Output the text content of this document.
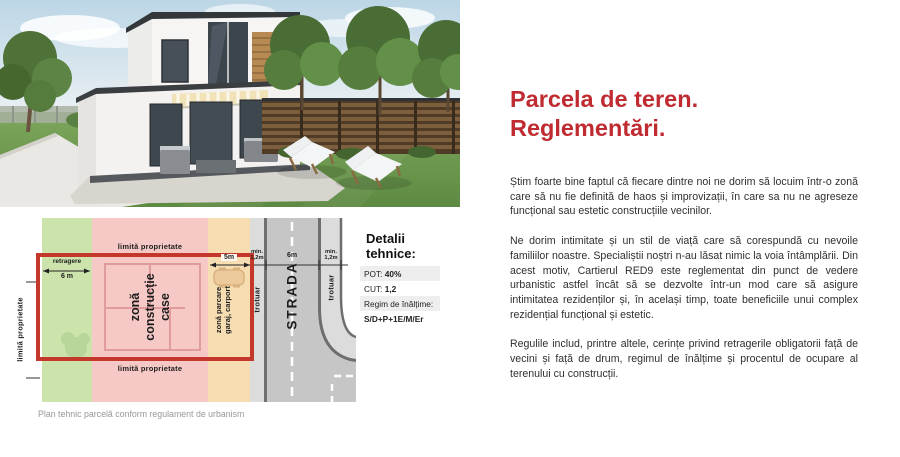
limită proprietate
limită proprietate
limită proprietate
retragere
6 m
5m
min. 1,2m	6m	min. 1,2m
trotuar	trotuar
STRADA
zonă construcție case	zonă parcare garaj, carport
Plan tehnic parcelă conform regulament de urbanism
Detalii tehnice:
POT: 40%
CUT: 1,2
Regim de înălțime:
S/D+P+1E/M/Er
Parcela de teren.
Reglementări.

Știm foarte bine faptul că fiecare dintre noi ne dorim să locuim într-o zonă care să nu fie definită de haos și improvizații, în care sa nu ne agreseze funcțional sau estetic construcțiile vecinilor.

Ne dorim intimitate și un stil de viață care să corespundă cu nevoile familiilor noastre. Specialiștii noștri n-au lăsat nimic la voia întâmplării. Din acest motiv, Cartierul RED9 este reglementat din punct de vedere urbanistic astfel încât să se dezvolte într-un mod care să asigure intimitatea rezidenților și, în același timp, toate beneficiile unui complex rezidențial funcțional și estetic.

Regulile includ, printre altele, cerințe privind retragerile obligatorii față de vecini și față de drum, regimul de înălțime și procentul de ocupare al terenului cu construcții.
